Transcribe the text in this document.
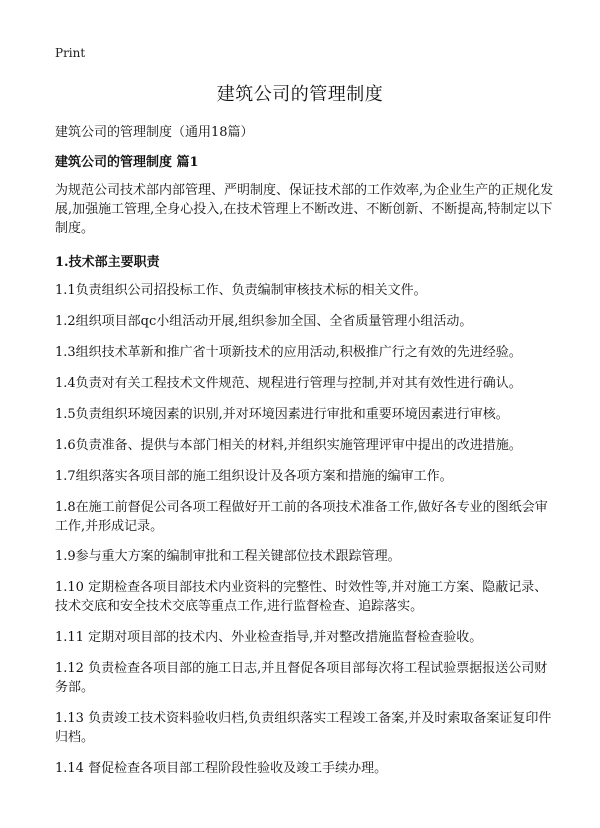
Print
建筑公司的管理制度

建筑公司的管理制度（通用18篇）

建筑公司的管理制度 篇1

为规范公司技术部内部管理、严明制度、保证技术部的工作效率,为企业生产的正规化发展,加强施工管理,全身心投入,在技术管理上不断改进、不断创新、不断提高,特制定以下制度。

1.技术部主要职责

1.1负责组织公司招投标工作、负责编制审核技术标的相关文件。

1.2组织项目部qc小组活动开展,组织参加全国、全省质量管理小组活动。

1.3组织技术革新和推广省十项新技术的应用活动,积极推广行之有效的先进经验。

1.4负责对有关工程技术文件规范、规程进行管理与控制,并对其有效性进行确认。

1.5负责组织环境因素的识别,并对环境因素进行审批和重要环境因素进行审核。

1.6负责准备、提供与本部门相关的材料,并组织实施管理评审中提出的改进措施。

1.7组织落实各项目部的施工组织设计及各项方案和措施的编审工作。

1.8在施工前督促公司各项工程做好开工前的各项技术准备工作,做好各专业的图纸会审工作,并形成记录。

1.9参与重大方案的编制审批和工程关键部位技术跟踪管理。

1.10 定期检查各项目部技术内业资料的完整性、时效性等,并对施工方案、隐蔽记录、技术交底和安全技术交底等重点工作,进行监督检查、追踪落实。

1.11 定期对项目部的技术内、外业检查指导,并对整改措施监督检查验收。

1.12 负责检查各项目部的施工日志,并且督促各项目部每次将工程试验票据报送公司财务部。

1.13 负责竣工技术资料验收归档,负责组织落实工程竣工备案,并及时索取备案证复印件归档。

1.14 督促检查各项目部工程阶段性验收及竣工手续办理。
